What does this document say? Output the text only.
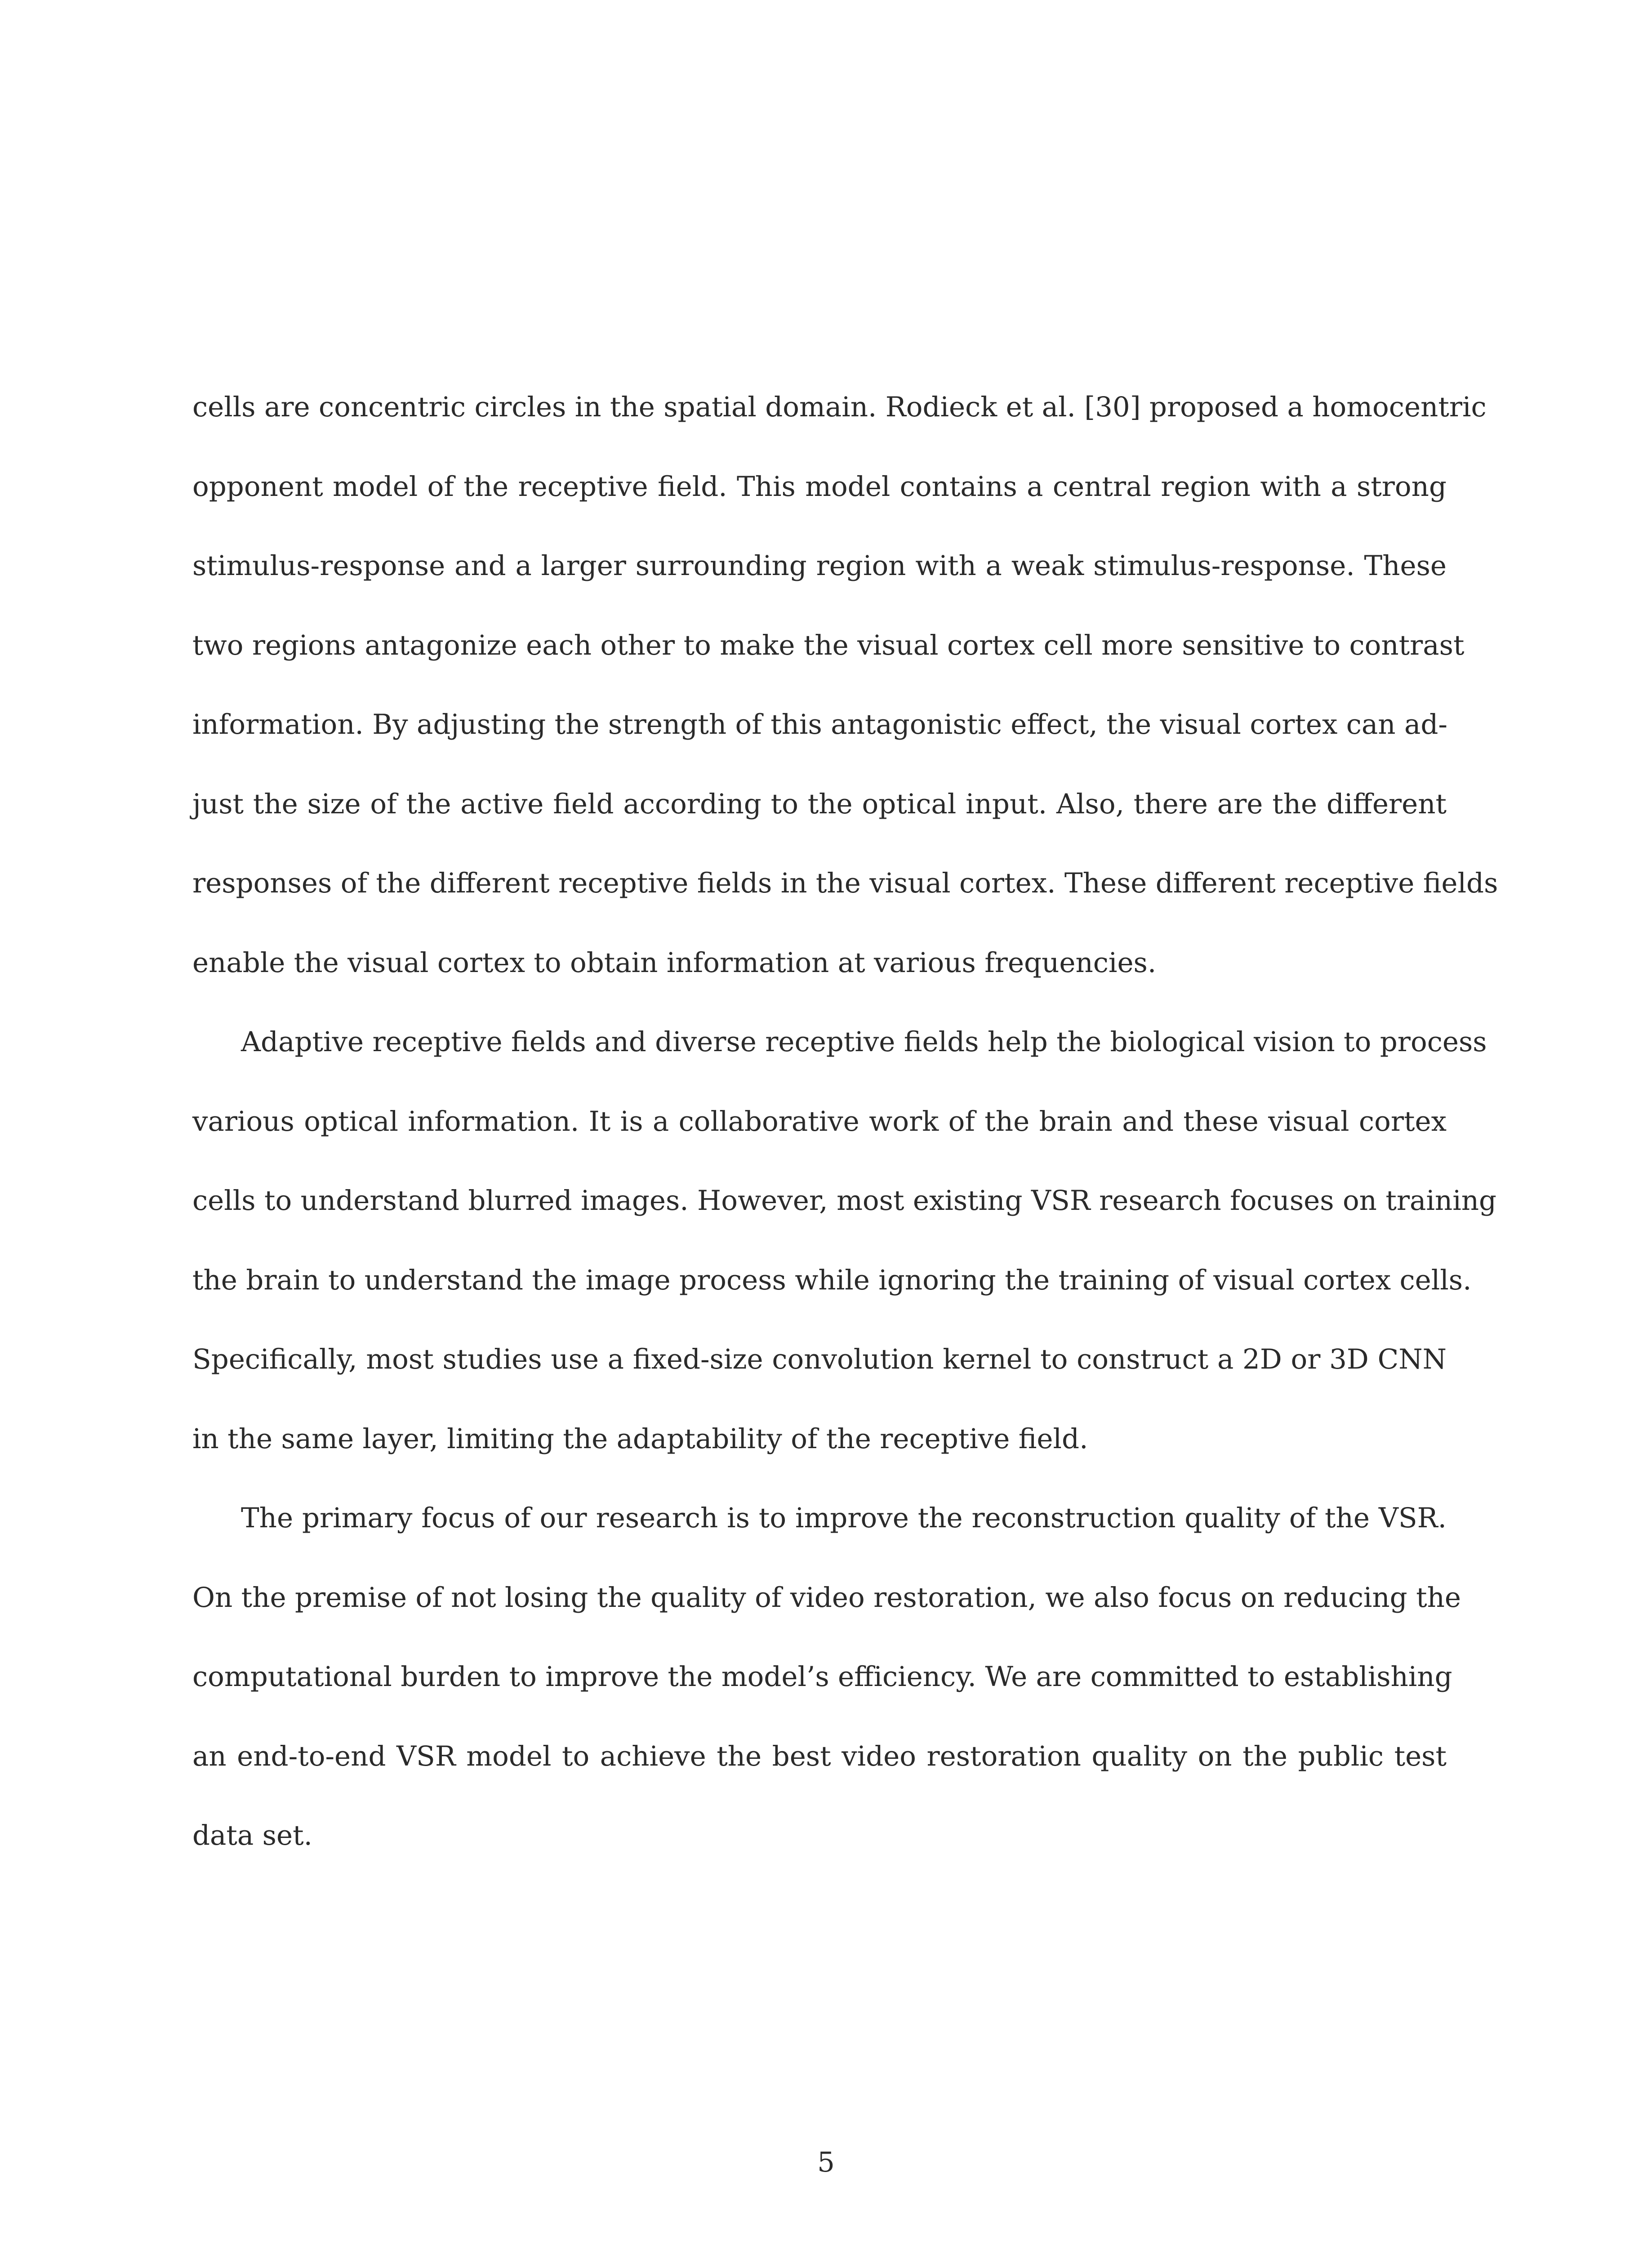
cells are concentric circles in the spatial domain. Rodieck et al. [30] proposed a homocentric
opponent model of the receptive field. This model contains a central region with a strong
stimulus-response and a larger surrounding region with a weak stimulus-response. These
two regions antagonize each other to make the visual cortex cell more sensitive to contrast
information. By adjusting the strength of this antagonistic effect, the visual cortex can ad-
just the size of the active field according to the optical input. Also, there are the different
responses of the different receptive fields in the visual cortex. These different receptive fields
enable the visual cortex to obtain information at various frequencies.
Adaptive receptive fields and diverse receptive fields help the biological vision to process
various optical information. It is a collaborative work of the brain and these visual cortex
cells to understand blurred images. However, most existing VSR research focuses on training
the brain to understand the image process while ignoring the training of visual cortex cells.
Specifically, most studies use a fixed-size convolution kernel to construct a 2D or 3D CNN
in the same layer, limiting the adaptability of the receptive field.
The primary focus of our research is to improve the reconstruction quality of the VSR.
On the premise of not losing the quality of video restoration, we also focus on reducing the
computational burden to improve the model’s efficiency. We are committed to establishing
an end-to-end VSR model to achieve the best video restoration quality on the public test
data set.
5
